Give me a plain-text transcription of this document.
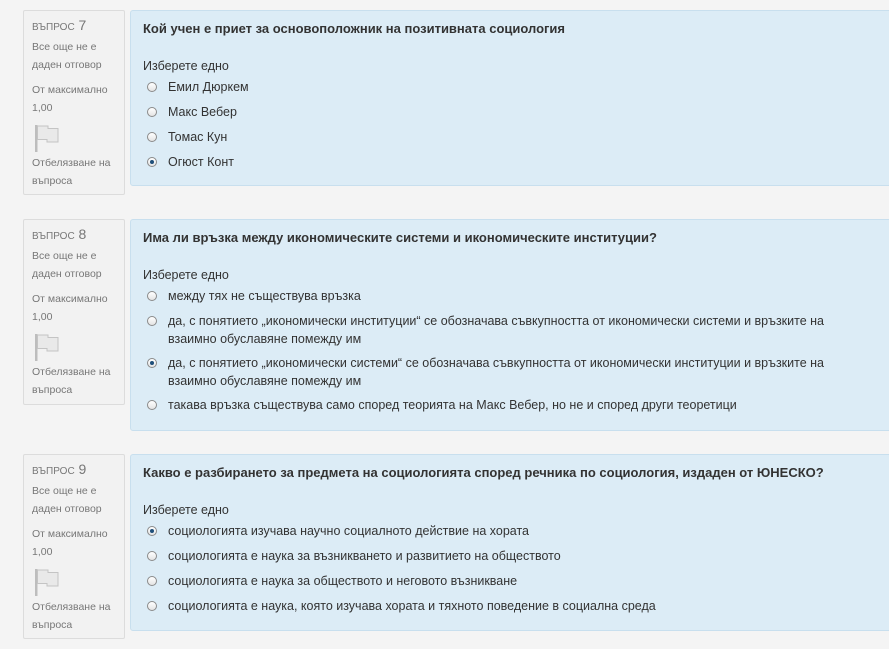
ВЪПРОС 7
Все още не е даден отговор
От максимално
1,00
Отбелязване на въпроса
Кой учен е приет за основоположник на позитивната социология
Изберете едно
Емил Дюркем
Макс Вебер
Томас Кун
Огюст Конт
ВЪПРОС 8
Все още не е даден отговор
От максимално
1,00
Отбелязване на въпроса
Има ли връзка между икономическите системи и икономическите институции?
Изберете едно
между тях не съществува връзка
да, с понятието „икономически институции“ се обозначава съвкупността от икономически системи и връзките на взаимно обуславяне помежду им
да, с понятието „икономически системи“ се обозначава съвкупността от икономически институции и връзките на взаимно обуславяне помежду им
такава връзка съществува само според теорията на Макс Вебер, но не и според други теоретици
ВЪПРОС 9
Все още не е даден отговор
От максимално
1,00
Отбелязване на въпроса
Какво е разбирането за предмета на социологията според речника по социология, издаден от ЮНЕСКО?
Изберете едно
социологията изучава научно социалното действие на хората
социологията е наука за възникването и развитието на обществото
социологията е наука за обществото и неговото възникване
социологията е наука, която изучава хората и тяхното поведение в социална среда
